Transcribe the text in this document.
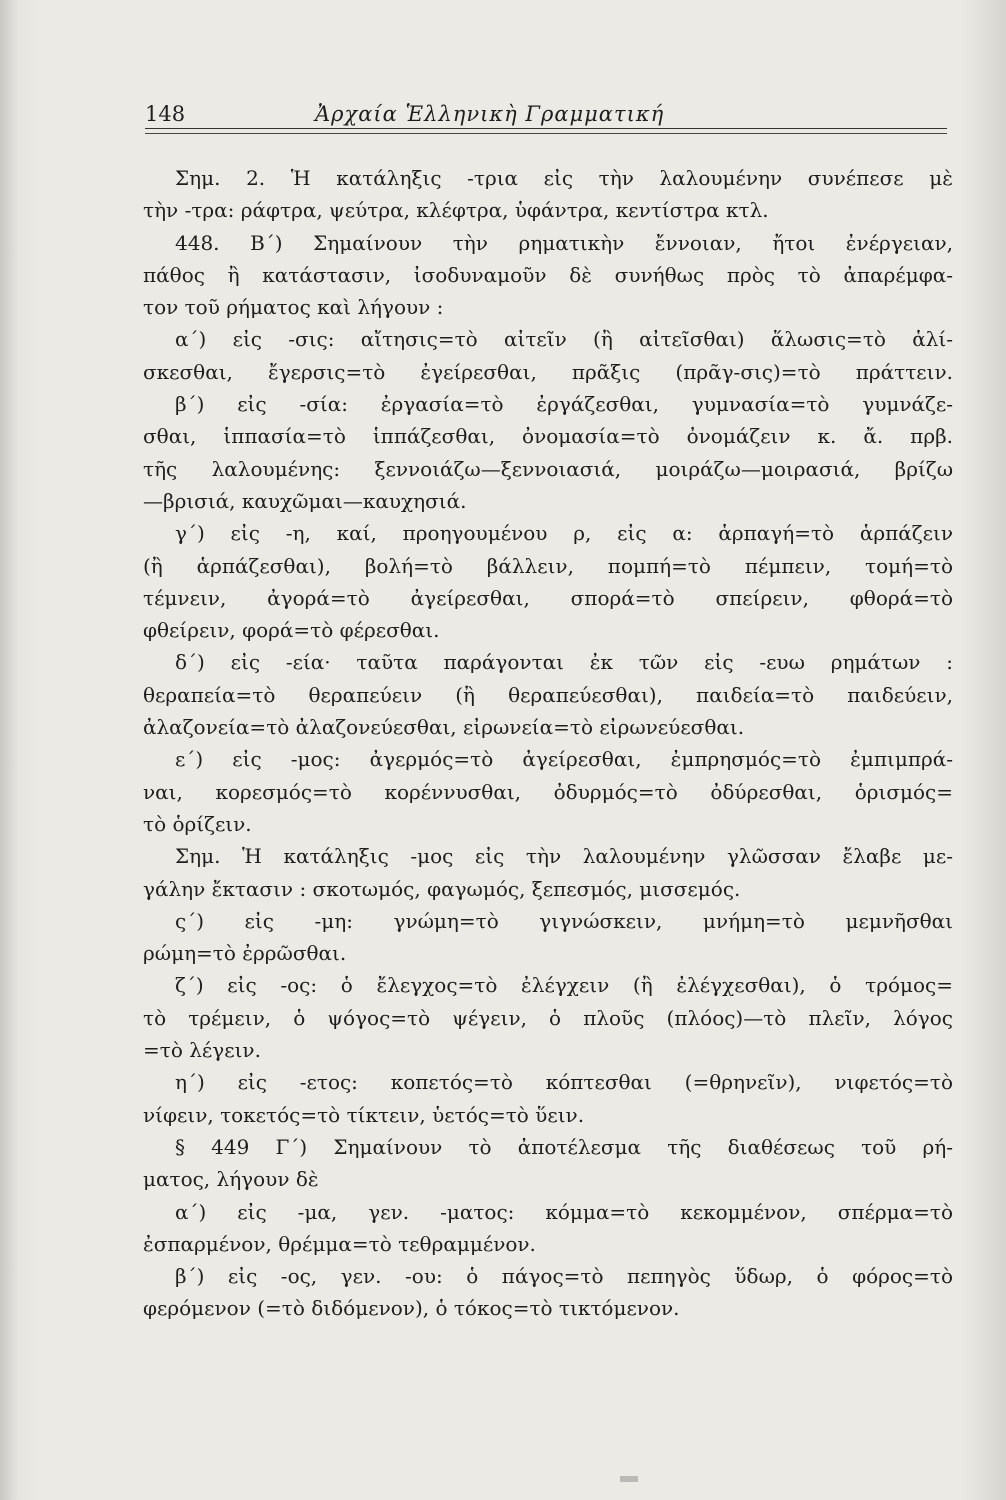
148	Ἀρχαία Ἑλληνικὴ Γραμματική
Σημ. 2. Ἡ κατάληξις -τρια εἰς τὴν λαλουμένην συνέπεσε μὲ
τὴν -τρα: ράφτρα, ψεύτρα, κλέφτρα, ὑφάντρα, κεντίστρα κτλ.
448. Β΄) Σημαίνουν τὴν ρηματικὴν ἔννοιαν, ἤτοι ἐνέργειαν,
πάθος ἢ κατάστασιν, ἰσοδυναμοῦν δὲ συνήθως πρὸς τὸ ἀπαρέμφα-
τον τοῦ ρήματος καὶ λήγουν :
α΄) εἰς -σις: αἴτησις=τὸ αἰτεῖν (ἢ αἰτεῖσθαι) ἅλωσις=τὸ ἁλί-
σκεσθαι, ἔγερσις=τὸ ἐγείρεσθαι, πρᾶξις (πρᾶγ-σις)=τὸ πράττειν.
β΄) εἰς -σία: ἐργασία=τὸ ἐργάζεσθαι, γυμνασία=τὸ γυμνάζε-
σθαι, ἱππασία=τὸ ἱππάζεσθαι, ὀνομασία=τὸ ὀνομάζειν κ. ἄ. πρβ.
τῆς λαλουμένης: ξεννοιάζω—ξεννοιασιά, μοιράζω—μοιρασιά, βρίζω
—βρισιά, καυχῶμαι—καυχησιά.
γ΄) εἰς -η, καί, προηγουμένου ρ, εἰς α: ἁρπαγή=τὸ ἁρπάζειν
(ἢ ἁρπάζεσθαι), βολή=τὸ βάλλειν, πομπή=τὸ πέμπειν, τομή=τὸ
τέμνειν, ἀγορά=τὸ ἀγείρεσθαι, σπορά=τὸ σπείρειν, φθορά=τὸ
φθείρειν, φορά=τὸ φέρεσθαι.
δ΄) εἰς -εία· ταῦτα παράγονται ἐκ τῶν εἰς -ευω ρημάτων :
θεραπεία=τὸ θεραπεύειν (ἢ θεραπεύεσθαι), παιδεία=τὸ παιδεύειν,
ἀλαζονεία=τὸ ἀλαζονεύεσθαι, εἰρωνεία=τὸ εἰρωνεύεσθαι.
ε΄) εἰς -μος: ἀγερμός=τὸ ἀγείρεσθαι, ἐμπρησμός=τὸ ἐμπιμπρά-
ναι, κορεσμός=τὸ κορέννυσθαι, ὀδυρμός=τὸ ὀδύρεσθαι, ὁρισμός=
τὸ ὁρίζειν.
Σημ. Ἡ κατάληξις -μος εἰς τὴν λαλουμένην γλῶσσαν ἔλαβε με-
γάλην ἔκτασιν : σκοτωμός, φαγωμός, ξεπεσμός, μισσεμός.
ς΄) εἰς -μη: γνώμη=τὸ γιγνώσκειν, μνήμη=τὸ μεμνῆσθαι
ρώμη=τὸ ἐρρῶσθαι.
ζ΄) εἰς -ος: ὁ ἔλεγχος=τὸ ἐλέγχειν (ἢ ἐλέγχεσθαι), ὁ τρόμος=
τὸ τρέμειν, ὁ ψόγος=τὸ ψέγειν, ὁ πλοῦς (πλόος)—τὸ πλεῖν, λόγος
=τὸ λέγειν.
η΄) εἰς -ετος: κοπετός=τὸ κόπτεσθαι (=θρηνεῖν), νιφετός=τὸ
νίφειν, τοκετός=τὸ τίκτειν, ὑετός=τὸ ὕειν.
§ 449 Γ΄) Σημαίνουν τὸ ἀποτέλεσμα τῆς διαθέσεως τοῦ ρή-
ματος, λήγουν δὲ
α΄) εἰς -μα, γεν. -ματος: κόμμα=τὸ κεκομμένον, σπέρμα=τὸ
ἐσπαρμένον, θρέμμα=τὸ τεθραμμένον.
β΄) εἰς -ος, γεν. -ου: ὁ πάγος=τὸ πεπηγὸς ὕδωρ, ὁ φόρος=τὸ
φερόμενον (=τὸ διδόμενον), ὁ τόκος=τὸ τικτόμενον.
